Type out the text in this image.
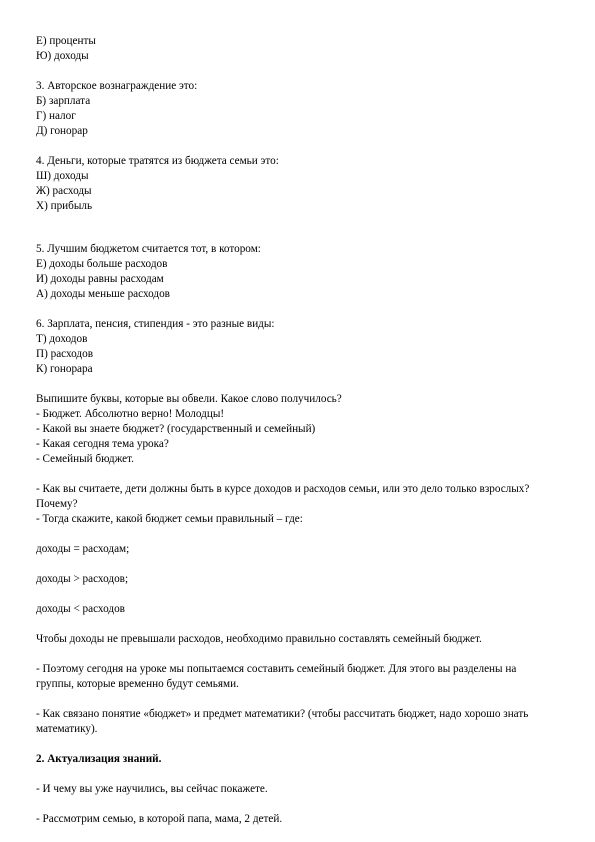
Е) проценты
Ю) доходы
3. Авторское вознаграждение это:
Б) зарплата
Г) налог
Д) гонорар
4. Деньги, которые тратятся из бюджета семьи это:
Ш) доходы
Ж) расходы
Х) прибыль
5. Лучшим бюджетом считается тот, в котором:
Е) доходы больше расходов
И) доходы равны расходам
А) доходы меньше расходов
6. Зарплата, пенсия, стипендия - это разные виды:
Т) доходов
П) расходов
К) гонорара
Выпишите буквы, которые вы обвели. Какое слово получилось?
- Бюджет. Абсолютно верно! Молодцы!
- Какой вы знаете бюджет? (государственный и семейный)
- Какая сегодня тема урока?
- Семейный бюджет.
- Как вы считаете, дети должны быть в курсе доходов и расходов семьи, или это дело только взрослых? Почему?
- Тогда скажите, какой бюджет семьи правильный – где:
доходы = расходам;
доходы > расходов;
доходы < расходов
Чтобы доходы не превышали расходов, необходимо правильно составлять семейный бюджет.
- Поэтому сегодня на уроке мы попытаемся составить семейный бюджет. Для этого вы разделены на группы, которые временно будут семьями.
- Как связано понятие «бюджет» и предмет математики? (чтобы рассчитать бюджет, надо хорошо знать математику).
2. Актуализация знаний.
- И чему вы уже научились, вы сейчас покажете.
- Рассмотрим семью, в которой папа, мама, 2 детей.
